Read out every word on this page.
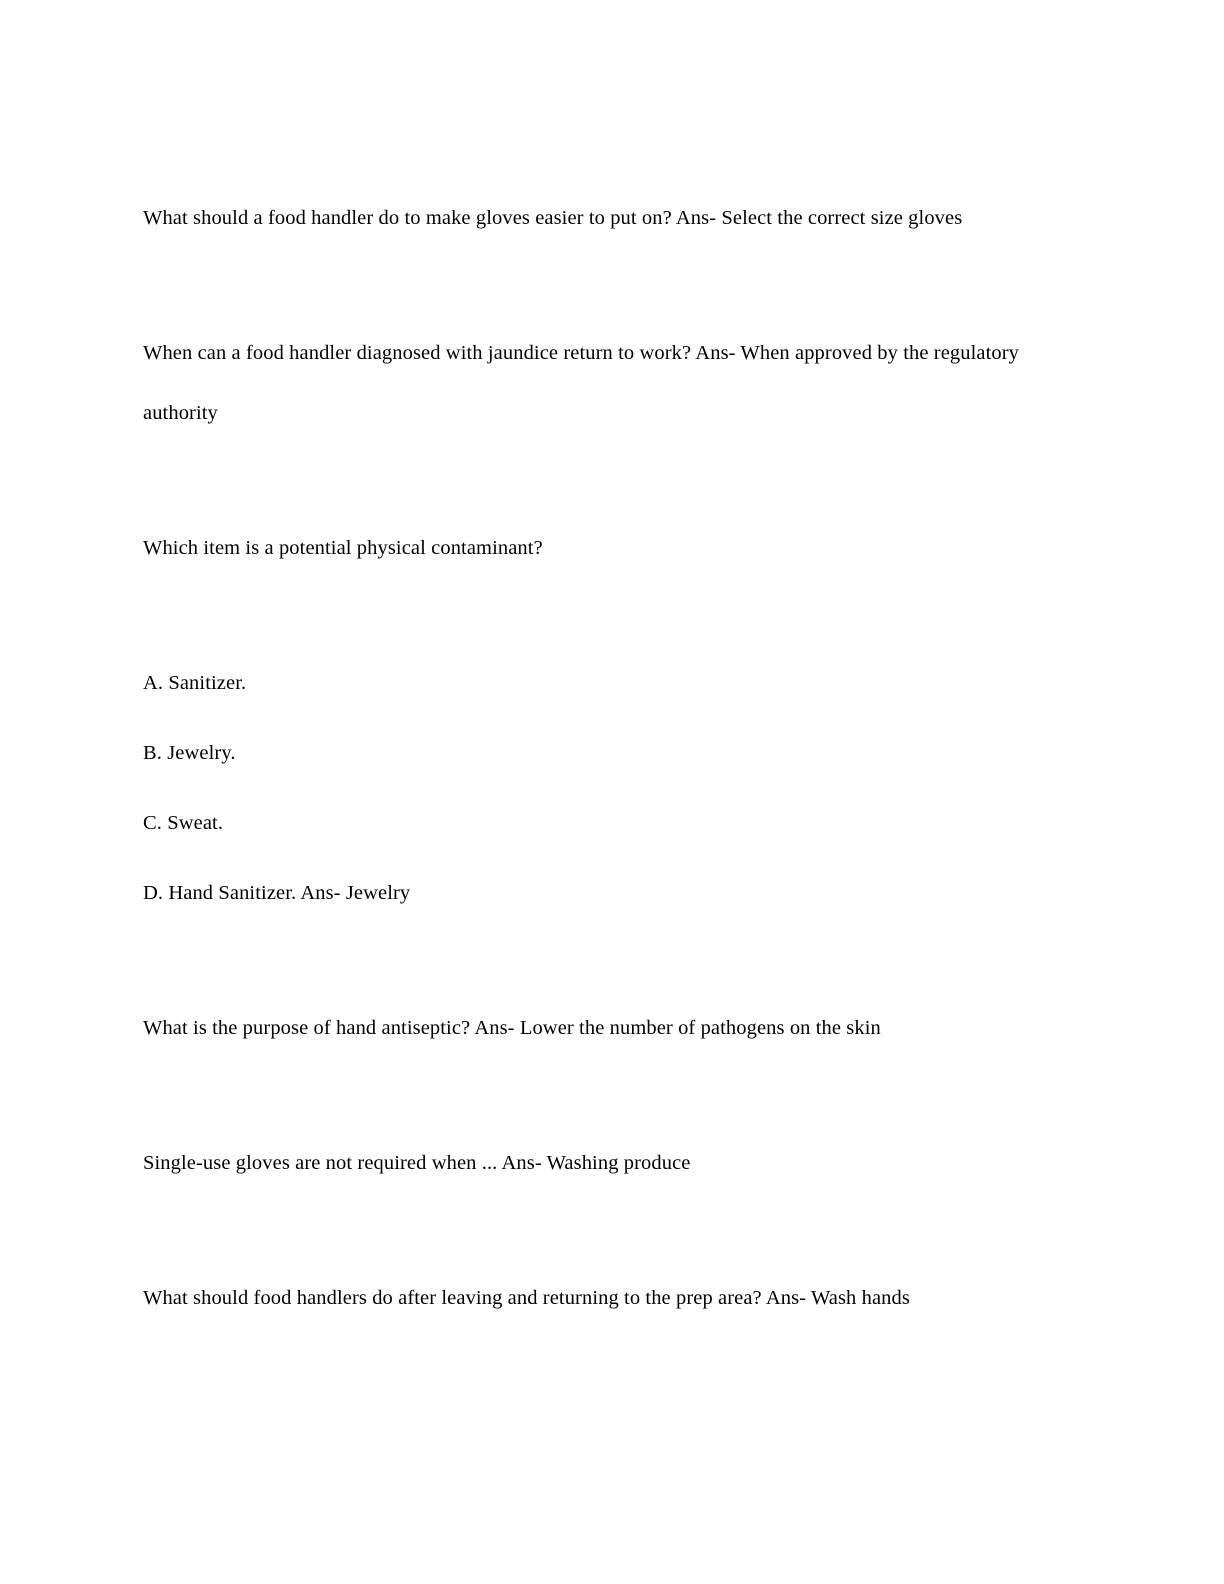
What should a food handler do to make gloves easier to put on? Ans- Select the correct size gloves

When can a food handler diagnosed with jaundice return to work? Ans- When approved by the regulatory authority

Which item is a potential physical contaminant?

A. Sanitizer.

B. Jewelry.

C. Sweat.

D. Hand Sanitizer. Ans- Jewelry

What is the purpose of hand antiseptic? Ans- Lower the number of pathogens on the skin

Single-use gloves are not required when ... Ans- Washing produce

What should food handlers do after leaving and returning to the prep area? Ans- Wash hands
